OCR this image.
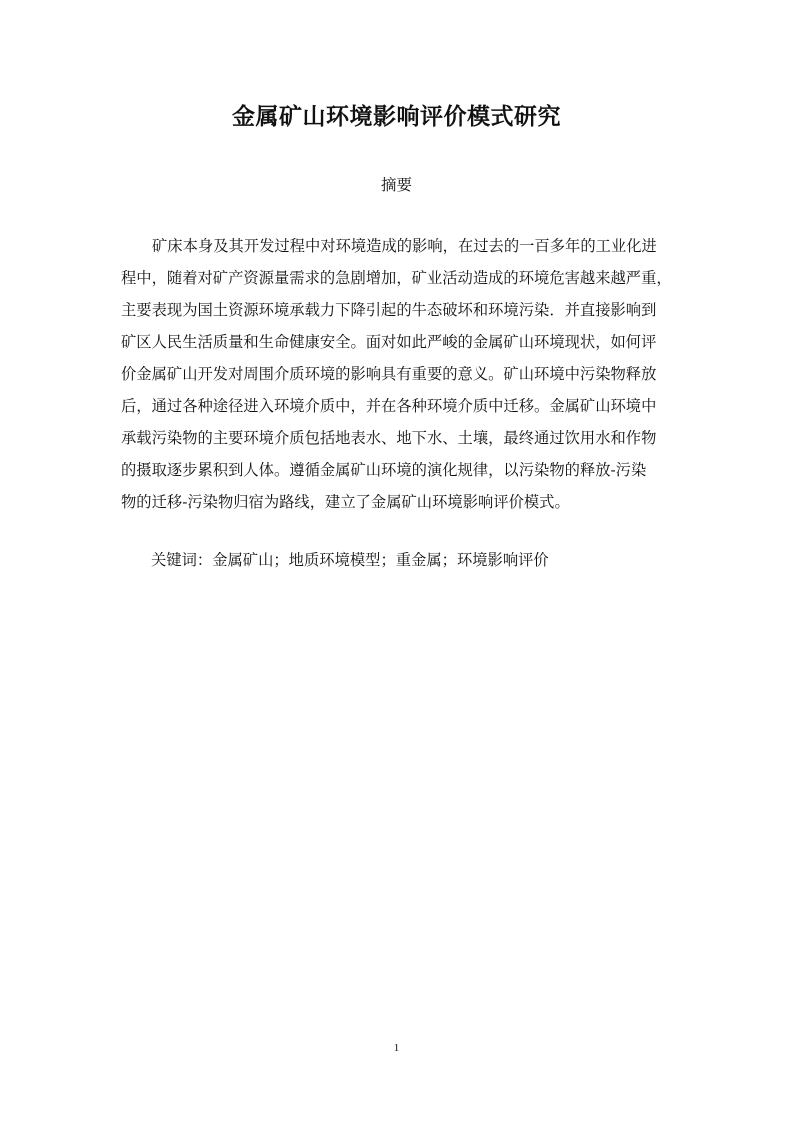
金属矿山环境影响评价模式研究
摘要

矿床本身及其开发过程中对环境造成的影响，在过去的一百多年的工业化进
程中，随着对矿产资源量需求的急剧增加，矿业活动造成的环境危害越来越严重，
主要表现为国土资源环境承载力下降引起的牛态破坏和环境污染．并直接影响到
矿区人民生活质量和生命健康安全。面对如此严峻的金属矿山环境现状，如何评
价金属矿山开发对周围介质环境的影响具有重要的意义。矿山环境中污染物释放
后，通过各种途径进入环境介质中，并在各种环境介质中迁移。金属矿山环境中
承载污染物的主要环境介质包括地表水、地下水、土壤，最终通过饮用水和作物
的摄取逐步累积到人体。遵循金属矿山环境的演化规律，以污染物的释放-污染
物的迁移-污染物归宿为路线，建立了金属矿山环境影响评价模式。

关键词：金属矿山；地质环境模型；重金属；环境影响评价
1
